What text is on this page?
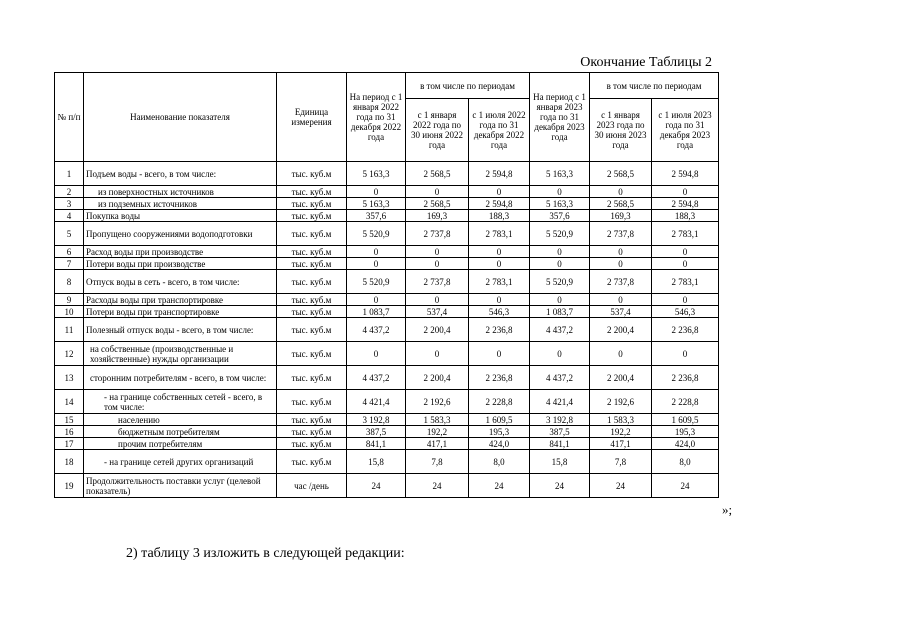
Окончание Таблицы 2
№ п/п	Наименование показателя	Единица измерения	На период с 1 января 2022 года по 31 декабря 2022 года	в том числе по периодам		На период с 1 января 2023 года по 31 декабря 2023 года	в том числе по периодам	
				с 1 января 2022 года по 30 июня 2022 года	с 1 июля 2022 года по 31 декабря 2022 года		с 1 января 2023 года по 30 июня 2023 года	с 1 июля 2023 года по 31 декабря 2023 года
1	Подъем воды - всего, в том числе:	тыс. куб.м	5 163,3	2 568,5	2 594,8	5 163,3	2 568,5	2 594,8
2	из поверхностных источников	тыс. куб.м	0	0	0	0	0	0
3	из подземных источников	тыс. куб.м	5 163,3	2 568,5	2 594,8	5 163,3	2 568,5	2 594,8
4	Покупка воды	тыс. куб.м	357,6	169,3	188,3	357,6	169,3	188,3
5	Пропущено сооружениями водоподготовки	тыс. куб.м	5 520,9	2 737,8	2 783,1	5 520,9	2 737,8	2 783,1
6	Расход воды при производстве	тыс. куб.м	0	0	0	0	0	0
7	Потери воды при производстве	тыс. куб.м	0	0	0	0	0	0
8	Отпуск воды в сеть - всего, в том числе:	тыс. куб.м	5 520,9	2 737,8	2 783,1	5 520,9	2 737,8	2 783,1
9	Расходы воды при транспортировке	тыс. куб.м	0	0	0	0	0	0
10	Потери воды при транспортировке	тыс. куб.м	1 083,7	537,4	546,3	1 083,7	537,4	546,3
11	Полезный отпуск воды - всего, в том числе:	тыс. куб.м	4 437,2	2 200,4	2 236,8	4 437,2	2 200,4	2 236,8
12	на собственные (производственные и хозяйственные) нужды организации	тыс. куб.м	0	0	0	0	0	0
13	сторонним потребителям - всего, в том числе:	тыс. куб.м	4 437,2	2 200,4	2 236,8	4 437,2	2 200,4	2 236,8
14	- на границе собственных сетей - всего, в том числе:	тыс. куб.м	4 421,4	2 192,6	2 228,8	4 421,4	2 192,6	2 228,8
15	населению	тыс. куб.м	3 192,8	1 583,3	1 609,5	3 192,8	1 583,3	1 609,5
16	бюджетным потребителям	тыс. куб.м	387,5	192,2	195,3	387,5	192,2	195,3
17	прочим потребителям	тыс. куб.м	841,1	417,1	424,0	841,1	417,1	424,0
18	- на границе сетей других организаций	тыс. куб.м	15,8	7,8	8,0	15,8	7,8	8,0
19	Продолжительность поставки услуг (целевой показатель)	час /день	24	24	24	24	24	24
»;
2) таблицу 3 изложить в следующей редакции:
